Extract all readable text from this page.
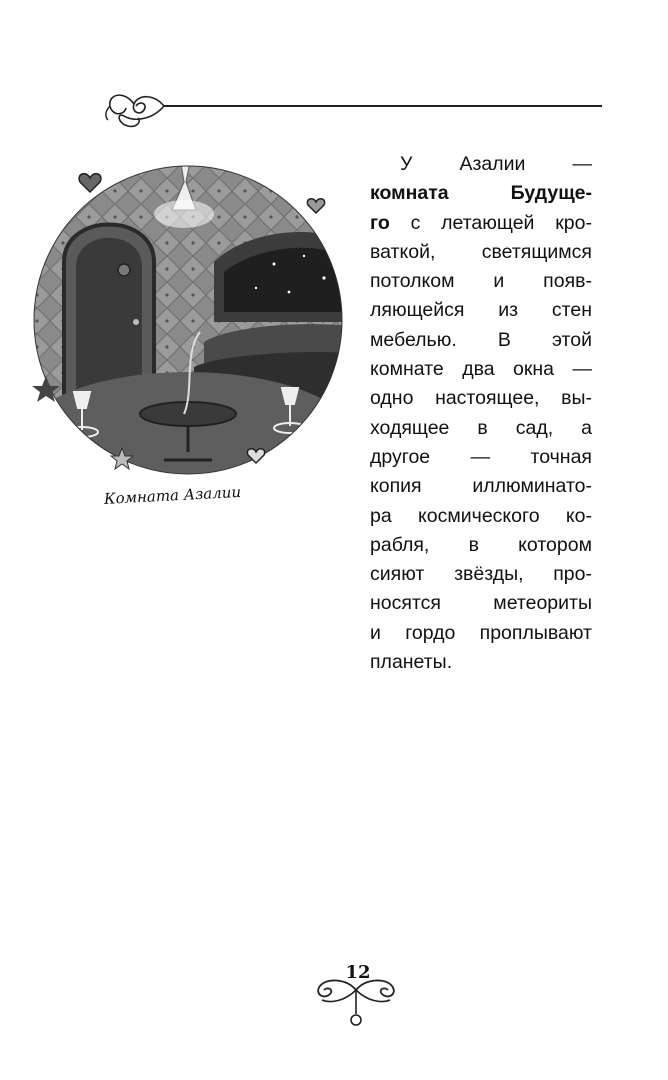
Комната Азалии
У Азалии —
комната	Будуще-
го с летающей кро-
ваткой, светящимся
потолком и появ-
ляющейся из стен
мебелью. В этой
комнате два окна —
одно настоящее, вы-
ходящее в сад, а
другое — точная
копия	иллюминато-
ра космического ко-
рабля, в котором
сияют звёзды, про-
носятся	метеориты
и гордо проплывают
планеты.
12
